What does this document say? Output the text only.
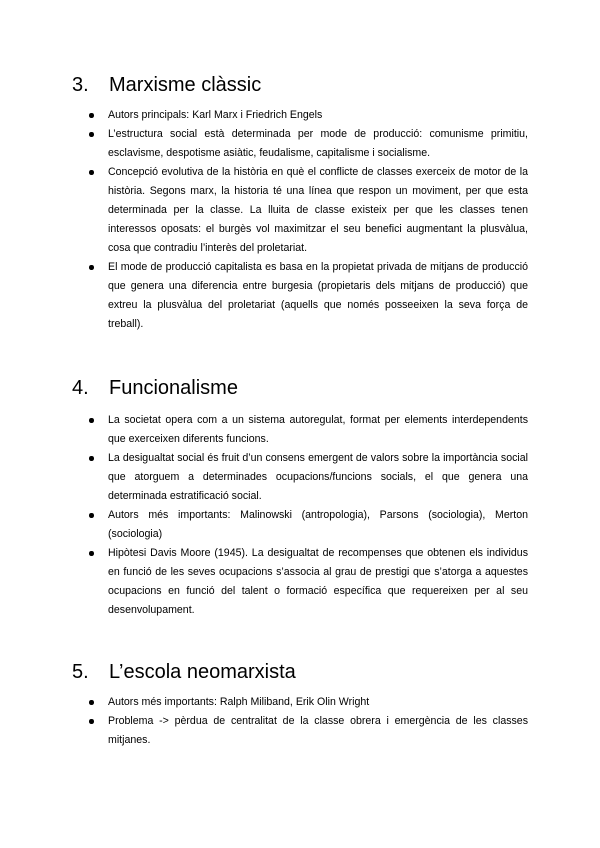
3.	Marxisme clàssic
Autors principals: Karl Marx i Friedrich Engels
L’estructura social està determinada per mode de producció: comunisme primitiu, esclavisme, despotisme asiàtic, feudalisme, capitalisme i socialisme.
Concepció evolutiva de la història en què el conflicte de classes exerceix de motor de la història. Segons marx, la historia té una línea que respon un moviment, per que esta determinada per la classe. La lluita de classe existeix per que les classes tenen interessos oposats: el burgès vol maximitzar el seu benefici augmentant la plusvàlua, cosa que contradiu l’interès del proletariat.
El mode de producció capitalista es basa en la propietat privada de mitjans de producció que genera una diferencia entre burgesia (propietaris dels mitjans de producció) que extreu la plusvàlua del proletariat (aquells que només posseeixen la seva força de treball).
4.	Funcionalisme
La societat opera com a un sistema autoregulat, format per elements interdependents que exerceixen diferents funcions.
La desigualtat social és fruit d’un consens emergent de valors sobre la importància social que atorguem a determinades ocupacions/funcions socials, el que genera una determinada estratificació social.
Autors més importants: Malinowski (antropologia), Parsons (sociologia), Merton (sociologia)
Hipòtesi Davis Moore (1945). La desigualtat de recompenses que obtenen els individus en funció de les seves ocupacions s’associa al grau de prestigi que s’atorga a aquestes ocupacions en funció del talent o formació específica que requereixen per al seu desenvolupament.
5.	L’escola neomarxista
Autors més importants: Ralph Miliband, Erik Olin Wright
Problema -> pèrdua de centralitat de la classe obrera i emergència de les classes mitjanes.
